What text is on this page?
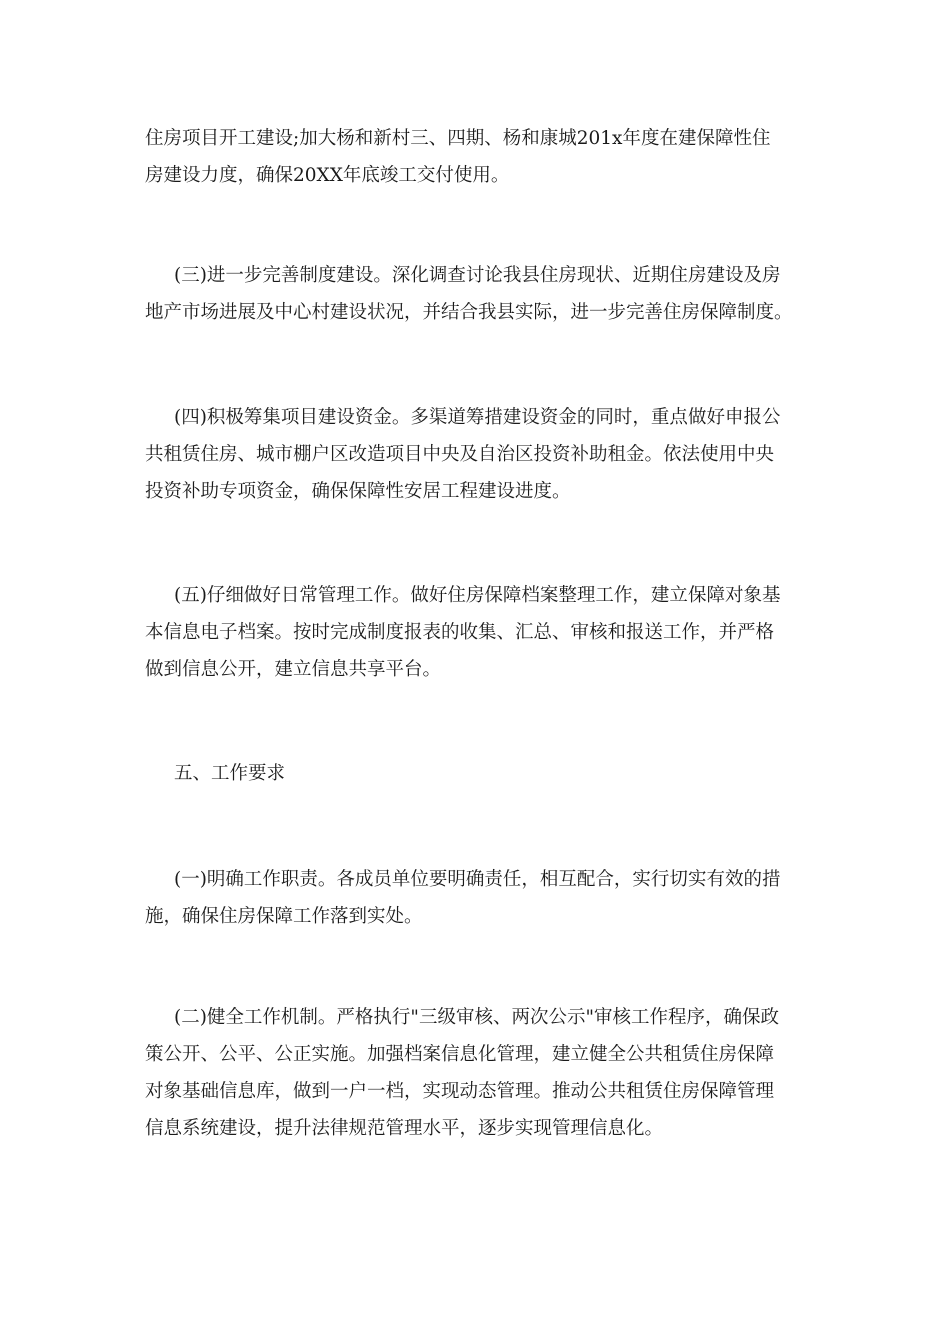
住房项目开工建设;加大杨和新村三、四期、杨和康城201x年度在建保障性住
房建设力度，确保20XX年底竣工交付使用。
(三)进一步完善制度建设。深化调查讨论我县住房现状、近期住房建设及房
地产市场进展及中心村建设状况，并结合我县实际，进一步完善住房保障制度。
(四)积极筹集项目建设资金。多渠道筹措建设资金的同时，重点做好申报公
共租赁住房、城市棚户区改造项目中央及自治区投资补助租金。依法使用中央
投资补助专项资金，确保保障性安居工程建设进度。
(五)仔细做好日常管理工作。做好住房保障档案整理工作，建立保障对象基
本信息电子档案。按时完成制度报表的收集、汇总、审核和报送工作，并严格
做到信息公开，建立信息共享平台。
五、工作要求
(一)明确工作职责。各成员单位要明确责任，相互配合，实行切实有效的措
施，确保住房保障工作落到实处。
(二)健全工作机制。严格执行"三级审核、两次公示"审核工作程序，确保政
策公开、公平、公正实施。加强档案信息化管理，建立健全公共租赁住房保障
对象基础信息库，做到一户一档，实现动态管理。推动公共租赁住房保障管理
信息系统建设，提升法律规范管理水平，逐步实现管理信息化。
